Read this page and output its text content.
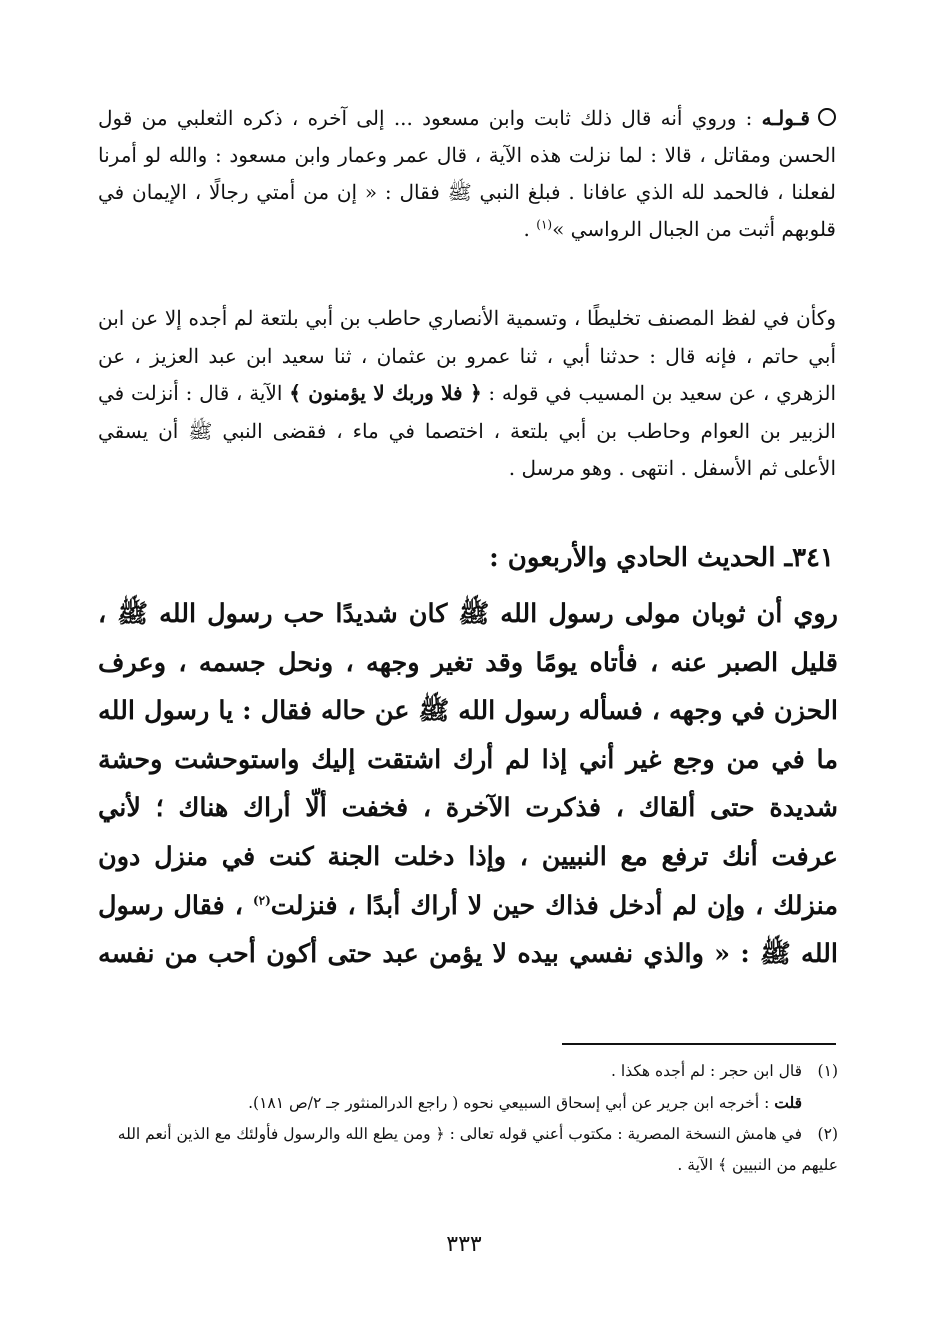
قـولـه : وروي أنه قال ذلك ثابت وابن مسعود ... إلى آخره ، ذكره الثعلبي من قول الحسن ومقاتل ، قالا : لما نزلت هذه الآية ، قال عمر وعمار وابن مسعود : والله لو أمرنا لفعلنا ، فالحمد لله الذي عافانا . فبلغ النبي ﷺ فقال : « إن من أمتي رجالًا ، الإيمان في قلوبهم أثبت من الجبال الرواسي »$^{(١)}$ .
وكأن في لفظ المصنف تخليطًا ، وتسمية الأنصاري حاطب بن أبي بلتعة لم أجده إلا عن ابن أبي حاتم ، فإنه قال : حدثنا أبي ، ثنا عمرو بن عثمان ، ثنا سعيد ابن عبد العزيز ، عن الزهري ، عن سعيد بن المسيب في قوله : ﴿ فلا وربك لا يؤمنون ﴾ الآية ، قال : أنزلت في الزبير بن العوام وحاطب بن أبي بلتعة ، اختصما في ماء ، فقضى النبي ﷺ أن يسقي الأعلى ثم الأسفل . انتهى . وهو مرسل .
٣٤١ـ الحديث الحادي والأربعون :
روي أن ثوبان مولى رسول الله ﷺ كان شديدًا حب رسول الله ﷺ ، قليل الصبر عنه ، فأتاه يومًا وقد تغير وجهه ، ونحل جسمه ، وعرف الحزن في وجهه ، فسأله رسول الله ﷺ عن حاله فقال : يا رسول الله ما في من وجع غير أني إذا لم أرك اشتقت إليك واستوحشت وحشة شديدة حتى ألقاك ، فذكرت الآخرة ، فخفت ألّا أراك هناك ؛ لأني عرفت أنك ترفع مع النبيين ، وإذا دخلت الجنة كنت في منزل دون منزلك ، وإن لم أدخل فذاك حين لا أراك أبدًا ، فنزلت$^{(٢)}$ ، فقال رسول الله ﷺ : « والذي نفسي بيده لا يؤمن عبد حتى أكون أحب من نفسه
(١)قال ابن حجر : لم أجده هكذا .
قلت : أخرجه ابن جرير عن أبي إسحاق السبيعي نحوه ( راجع الدرالمنثور جـ ٢/ص ١٨١).
(٢)في هامش النسخة المصرية : مكتوب أعني قوله تعالى : ﴿ ومن يطع الله والرسول فأولئك مع الذين أنعم الله عليهم من النبيين ﴾ الآية .
٣٣٣
